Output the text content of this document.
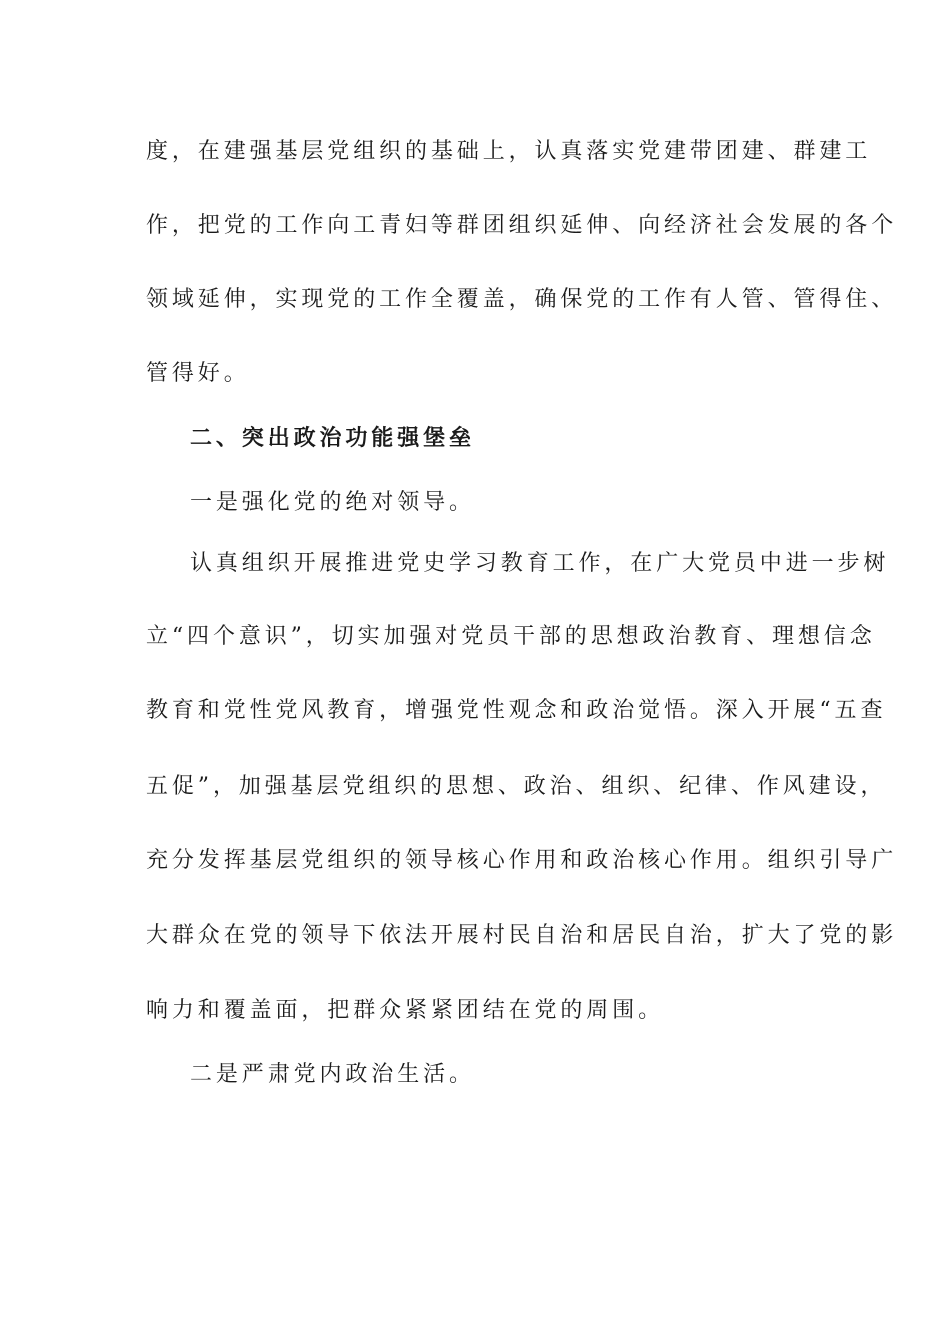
度，在建强基层党组织的基础上，认真落实党建带团建、群建工
作，把党的工作向工青妇等群团组织延伸、向经济社会发展的各个
领域延伸，实现党的工作全覆盖，确保党的工作有人管、管得住、
管得好。
二、突出政治功能强堡垒
一是强化党的绝对领导。
认真组织开展推进党史学习教育工作，在广大党员中进一步树
立“四个意识”，切实加强对党员干部的思想政治教育、理想信念
教育和党性党风教育，增强党性观念和政治觉悟。深入开展“五查
五促”，加强基层党组织的思想、政治、组织、纪律、作风建设，
充分发挥基层党组织的领导核心作用和政治核心作用。组织引导广
大群众在党的领导下依法开展村民自治和居民自治，扩大了党的影
响力和覆盖面，把群众紧紧团结在党的周围。
二是严肃党内政治生活。
